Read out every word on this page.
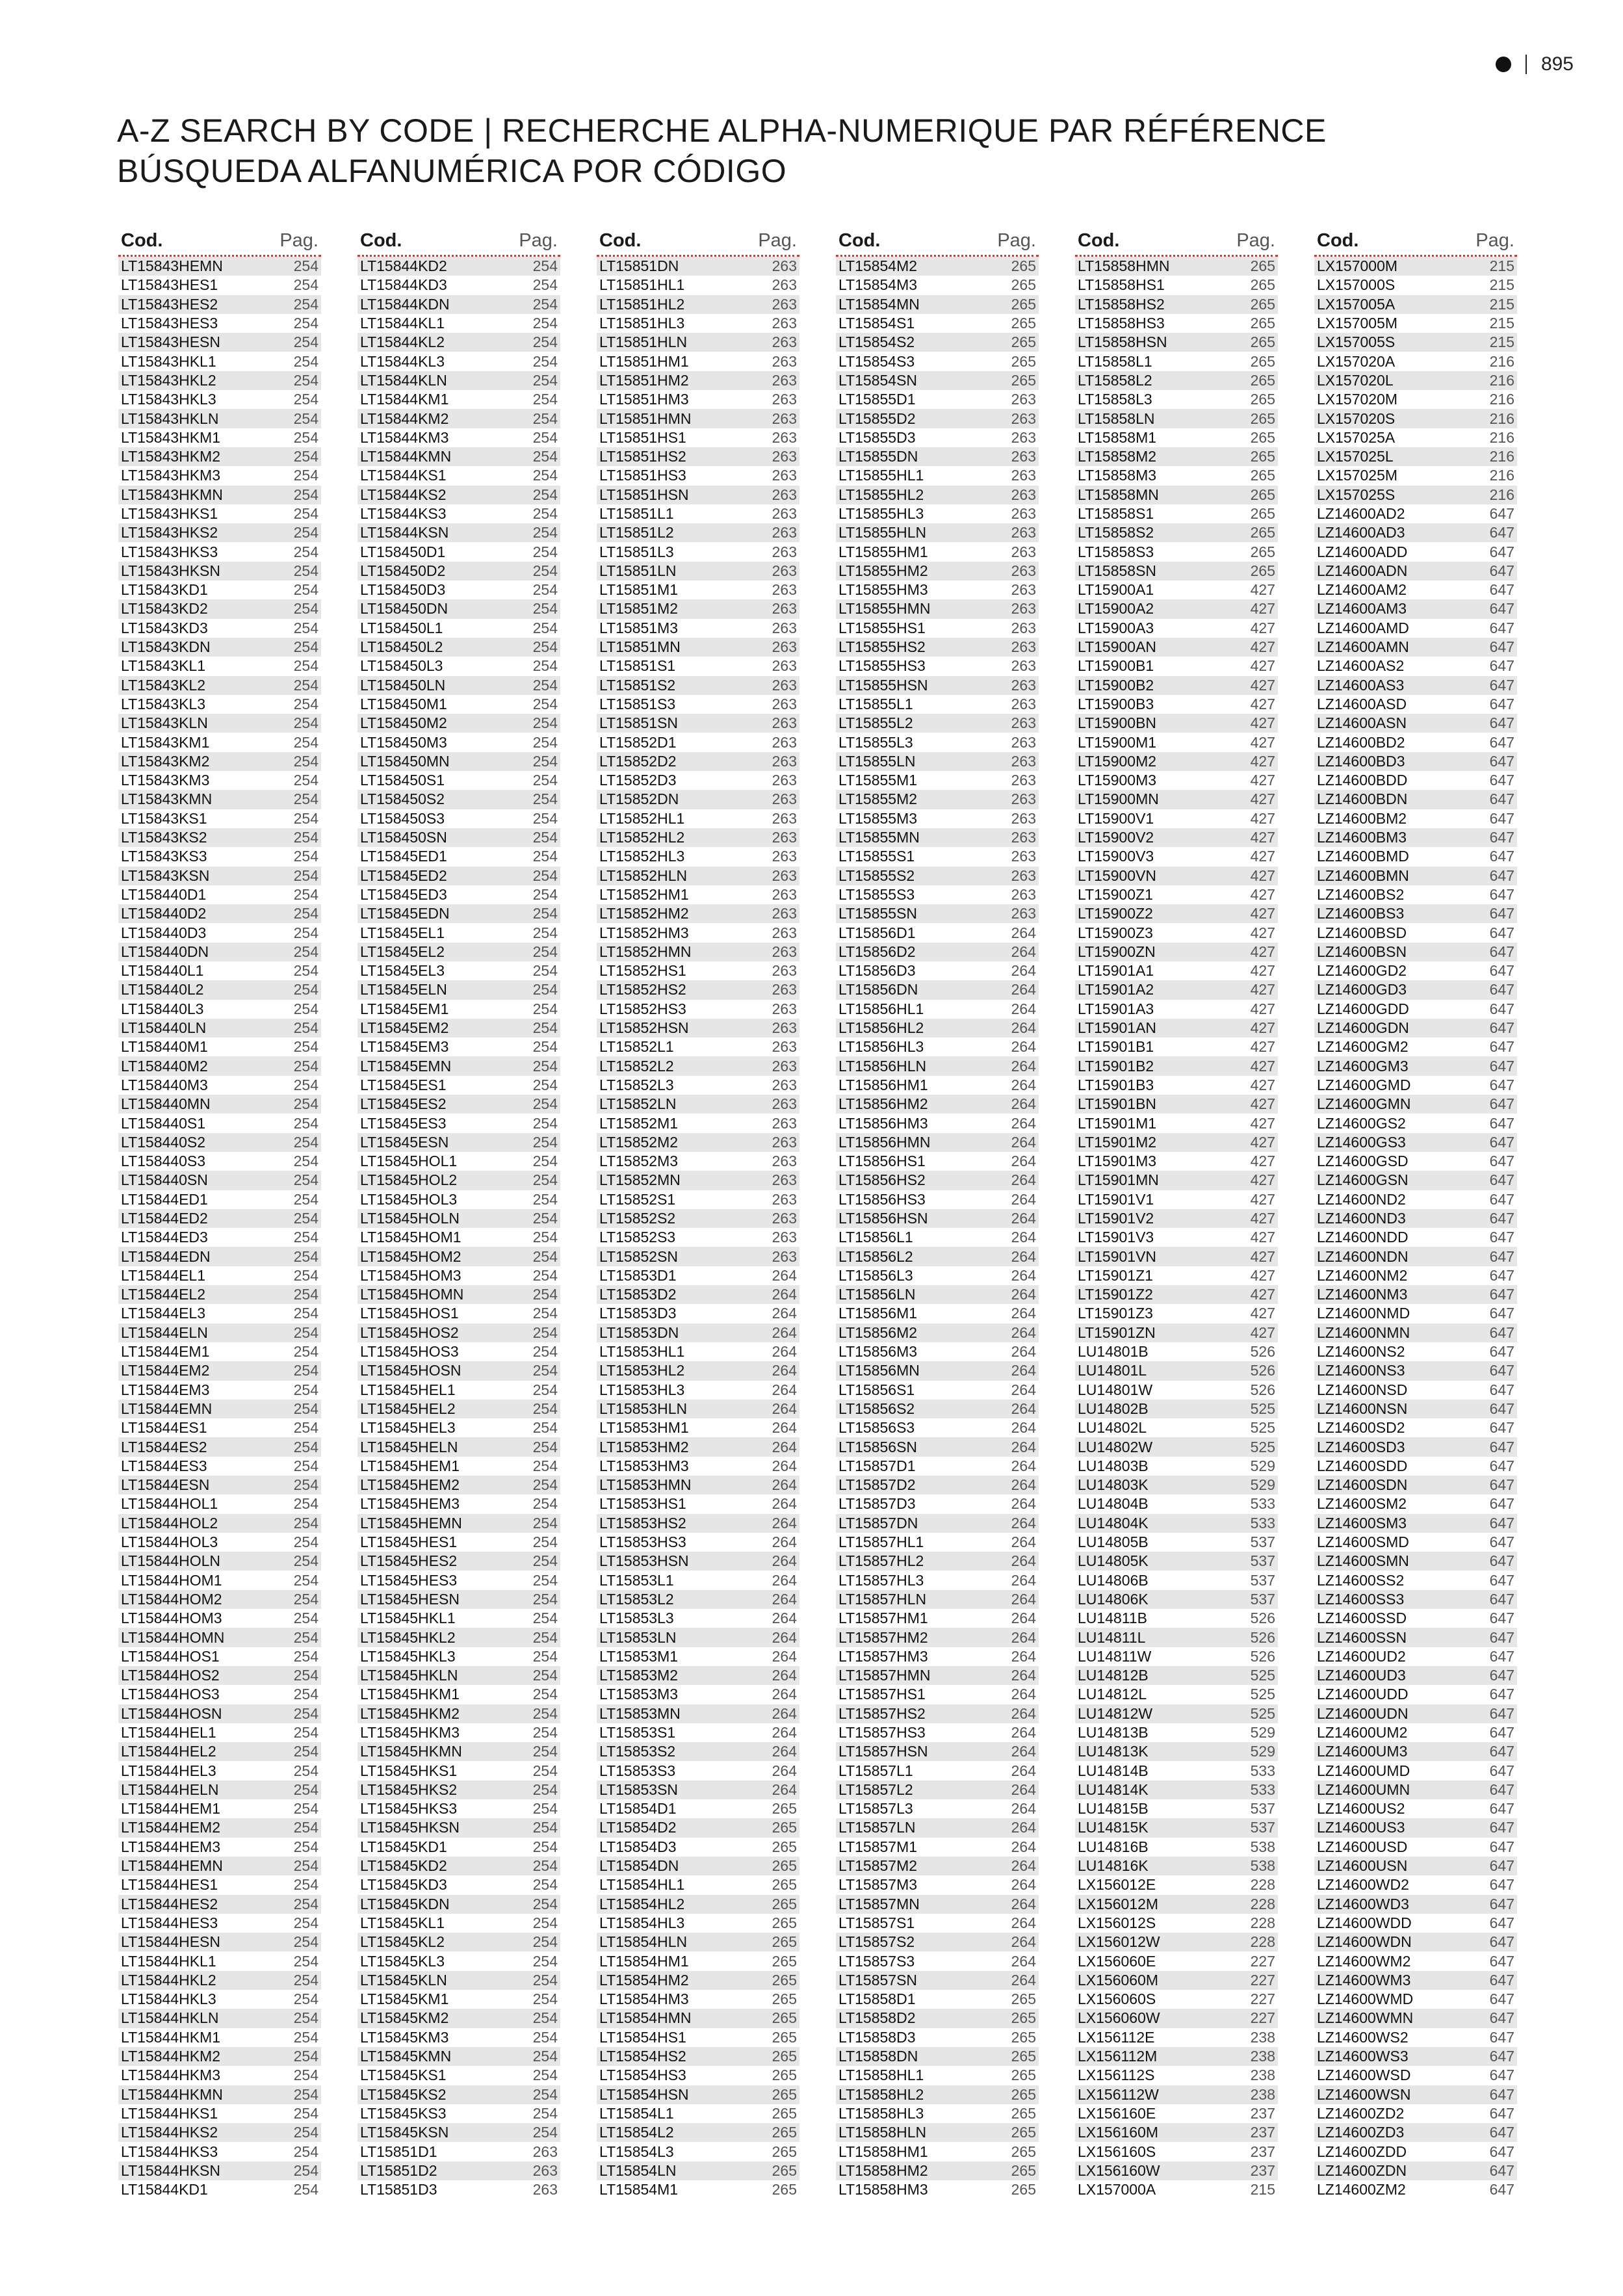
895
A-Z SEARCH BY CODE | RECHERCHE ALPHA-NUMERIQUE PAR RÉFÉRENCE
BÚSQUEDA ALFANUMÉRICA POR CÓDIGO
Cod.	Pag.
LT15843HEMN	254
LT15843HES1	254
LT15843HES2	254
LT15843HES3	254
LT15843HESN	254
LT15843HKL1	254
LT15843HKL2	254
LT15843HKL3	254
LT15843HKLN	254
LT15843HKM1	254
LT15843HKM2	254
LT15843HKM3	254
LT15843HKMN	254
LT15843HKS1	254
LT15843HKS2	254
LT15843HKS3	254
LT15843HKSN	254
LT15843KD1	254
LT15843KD2	254
LT15843KD3	254
LT15843KDN	254
LT15843KL1	254
LT15843KL2	254
LT15843KL3	254
LT15843KLN	254
LT15843KM1	254
LT15843KM2	254
LT15843KM3	254
LT15843KMN	254
LT15843KS1	254
LT15843KS2	254
LT15843KS3	254
LT15843KSN	254
LT158440D1	254
LT158440D2	254
LT158440D3	254
LT158440DN	254
LT158440L1	254
LT158440L2	254
LT158440L3	254
LT158440LN	254
LT158440M1	254
LT158440M2	254
LT158440M3	254
LT158440MN	254
LT158440S1	254
LT158440S2	254
LT158440S3	254
LT158440SN	254
LT15844ED1	254
LT15844ED2	254
LT15844ED3	254
LT15844EDN	254
LT15844EL1	254
LT15844EL2	254
LT15844EL3	254
LT15844ELN	254
LT15844EM1	254
LT15844EM2	254
LT15844EM3	254
LT15844EMN	254
LT15844ES1	254
LT15844ES2	254
LT15844ES3	254
LT15844ESN	254
LT15844HOL1	254
LT15844HOL2	254
LT15844HOL3	254
LT15844HOLN	254
LT15844HOM1	254
LT15844HOM2	254
LT15844HOM3	254
LT15844HOMN	254
LT15844HOS1	254
LT15844HOS2	254
LT15844HOS3	254
LT15844HOSN	254
LT15844HEL1	254
LT15844HEL2	254
LT15844HEL3	254
LT15844HELN	254
LT15844HEM1	254
LT15844HEM2	254
LT15844HEM3	254
LT15844HEMN	254
LT15844HES1	254
LT15844HES2	254
LT15844HES3	254
LT15844HESN	254
LT15844HKL1	254
LT15844HKL2	254
LT15844HKL3	254
LT15844HKLN	254
LT15844HKM1	254
LT15844HKM2	254
LT15844HKM3	254
LT15844HKMN	254
LT15844HKS1	254
LT15844HKS2	254
LT15844HKS3	254
LT15844HKSN	254
LT15844KD1	254
Cod.	Pag.
LT15844KD2	254
LT15844KD3	254
LT15844KDN	254
LT15844KL1	254
LT15844KL2	254
LT15844KL3	254
LT15844KLN	254
LT15844KM1	254
LT15844KM2	254
LT15844KM3	254
LT15844KMN	254
LT15844KS1	254
LT15844KS2	254
LT15844KS3	254
LT15844KSN	254
LT158450D1	254
LT158450D2	254
LT158450D3	254
LT158450DN	254
LT158450L1	254
LT158450L2	254
LT158450L3	254
LT158450LN	254
LT158450M1	254
LT158450M2	254
LT158450M3	254
LT158450MN	254
LT158450S1	254
LT158450S2	254
LT158450S3	254
LT158450SN	254
LT15845ED1	254
LT15845ED2	254
LT15845ED3	254
LT15845EDN	254
LT15845EL1	254
LT15845EL2	254
LT15845EL3	254
LT15845ELN	254
LT15845EM1	254
LT15845EM2	254
LT15845EM3	254
LT15845EMN	254
LT15845ES1	254
LT15845ES2	254
LT15845ES3	254
LT15845ESN	254
LT15845HOL1	254
LT15845HOL2	254
LT15845HOL3	254
LT15845HOLN	254
LT15845HOM1	254
LT15845HOM2	254
LT15845HOM3	254
LT15845HOMN	254
LT15845HOS1	254
LT15845HOS2	254
LT15845HOS3	254
LT15845HOSN	254
LT15845HEL1	254
LT15845HEL2	254
LT15845HEL3	254
LT15845HELN	254
LT15845HEM1	254
LT15845HEM2	254
LT15845HEM3	254
LT15845HEMN	254
LT15845HES1	254
LT15845HES2	254
LT15845HES3	254
LT15845HESN	254
LT15845HKL1	254
LT15845HKL2	254
LT15845HKL3	254
LT15845HKLN	254
LT15845HKM1	254
LT15845HKM2	254
LT15845HKM3	254
LT15845HKMN	254
LT15845HKS1	254
LT15845HKS2	254
LT15845HKS3	254
LT15845HKSN	254
LT15845KD1	254
LT15845KD2	254
LT15845KD3	254
LT15845KDN	254
LT15845KL1	254
LT15845KL2	254
LT15845KL3	254
LT15845KLN	254
LT15845KM1	254
LT15845KM2	254
LT15845KM3	254
LT15845KMN	254
LT15845KS1	254
LT15845KS2	254
LT15845KS3	254
LT15845KSN	254
LT15851D1	263
LT15851D2	263
LT15851D3	263
Cod.	Pag.
LT15851DN	263
LT15851HL1	263
LT15851HL2	263
LT15851HL3	263
LT15851HLN	263
LT15851HM1	263
LT15851HM2	263
LT15851HM3	263
LT15851HMN	263
LT15851HS1	263
LT15851HS2	263
LT15851HS3	263
LT15851HSN	263
LT15851L1	263
LT15851L2	263
LT15851L3	263
LT15851LN	263
LT15851M1	263
LT15851M2	263
LT15851M3	263
LT15851MN	263
LT15851S1	263
LT15851S2	263
LT15851S3	263
LT15851SN	263
LT15852D1	263
LT15852D2	263
LT15852D3	263
LT15852DN	263
LT15852HL1	263
LT15852HL2	263
LT15852HL3	263
LT15852HLN	263
LT15852HM1	263
LT15852HM2	263
LT15852HM3	263
LT15852HMN	263
LT15852HS1	263
LT15852HS2	263
LT15852HS3	263
LT15852HSN	263
LT15852L1	263
LT15852L2	263
LT15852L3	263
LT15852LN	263
LT15852M1	263
LT15852M2	263
LT15852M3	263
LT15852MN	263
LT15852S1	263
LT15852S2	263
LT15852S3	263
LT15852SN	263
LT15853D1	264
LT15853D2	264
LT15853D3	264
LT15853DN	264
LT15853HL1	264
LT15853HL2	264
LT15853HL3	264
LT15853HLN	264
LT15853HM1	264
LT15853HM2	264
LT15853HM3	264
LT15853HMN	264
LT15853HS1	264
LT15853HS2	264
LT15853HS3	264
LT15853HSN	264
LT15853L1	264
LT15853L2	264
LT15853L3	264
LT15853LN	264
LT15853M1	264
LT15853M2	264
LT15853M3	264
LT15853MN	264
LT15853S1	264
LT15853S2	264
LT15853S3	264
LT15853SN	264
LT15854D1	265
LT15854D2	265
LT15854D3	265
LT15854DN	265
LT15854HL1	265
LT15854HL2	265
LT15854HL3	265
LT15854HLN	265
LT15854HM1	265
LT15854HM2	265
LT15854HM3	265
LT15854HMN	265
LT15854HS1	265
LT15854HS2	265
LT15854HS3	265
LT15854HSN	265
LT15854L1	265
LT15854L2	265
LT15854L3	265
LT15854LN	265
LT15854M1	265
Cod.	Pag.
LT15854M2	265
LT15854M3	265
LT15854MN	265
LT15854S1	265
LT15854S2	265
LT15854S3	265
LT15854SN	265
LT15855D1	263
LT15855D2	263
LT15855D3	263
LT15855DN	263
LT15855HL1	263
LT15855HL2	263
LT15855HL3	263
LT15855HLN	263
LT15855HM1	263
LT15855HM2	263
LT15855HM3	263
LT15855HMN	263
LT15855HS1	263
LT15855HS2	263
LT15855HS3	263
LT15855HSN	263
LT15855L1	263
LT15855L2	263
LT15855L3	263
LT15855LN	263
LT15855M1	263
LT15855M2	263
LT15855M3	263
LT15855MN	263
LT15855S1	263
LT15855S2	263
LT15855S3	263
LT15855SN	263
LT15856D1	264
LT15856D2	264
LT15856D3	264
LT15856DN	264
LT15856HL1	264
LT15856HL2	264
LT15856HL3	264
LT15856HLN	264
LT15856HM1	264
LT15856HM2	264
LT15856HM3	264
LT15856HMN	264
LT15856HS1	264
LT15856HS2	264
LT15856HS3	264
LT15856HSN	264
LT15856L1	264
LT15856L2	264
LT15856L3	264
LT15856LN	264
LT15856M1	264
LT15856M2	264
LT15856M3	264
LT15856MN	264
LT15856S1	264
LT15856S2	264
LT15856S3	264
LT15856SN	264
LT15857D1	264
LT15857D2	264
LT15857D3	264
LT15857DN	264
LT15857HL1	264
LT15857HL2	264
LT15857HL3	264
LT15857HLN	264
LT15857HM1	264
LT15857HM2	264
LT15857HM3	264
LT15857HMN	264
LT15857HS1	264
LT15857HS2	264
LT15857HS3	264
LT15857HSN	264
LT15857L1	264
LT15857L2	264
LT15857L3	264
LT15857LN	264
LT15857M1	264
LT15857M2	264
LT15857M3	264
LT15857MN	264
LT15857S1	264
LT15857S2	264
LT15857S3	264
LT15857SN	264
LT15858D1	265
LT15858D2	265
LT15858D3	265
LT15858DN	265
LT15858HL1	265
LT15858HL2	265
LT15858HL3	265
LT15858HLN	265
LT15858HM1	265
LT15858HM2	265
LT15858HM3	265
Cod.	Pag.
LT15858HMN	265
LT15858HS1	265
LT15858HS2	265
LT15858HS3	265
LT15858HSN	265
LT15858L1	265
LT15858L2	265
LT15858L3	265
LT15858LN	265
LT15858M1	265
LT15858M2	265
LT15858M3	265
LT15858MN	265
LT15858S1	265
LT15858S2	265
LT15858S3	265
LT15858SN	265
LT15900A1	427
LT15900A2	427
LT15900A3	427
LT15900AN	427
LT15900B1	427
LT15900B2	427
LT15900B3	427
LT15900BN	427
LT15900M1	427
LT15900M2	427
LT15900M3	427
LT15900MN	427
LT15900V1	427
LT15900V2	427
LT15900V3	427
LT15900VN	427
LT15900Z1	427
LT15900Z2	427
LT15900Z3	427
LT15900ZN	427
LT15901A1	427
LT15901A2	427
LT15901A3	427
LT15901AN	427
LT15901B1	427
LT15901B2	427
LT15901B3	427
LT15901BN	427
LT15901M1	427
LT15901M2	427
LT15901M3	427
LT15901MN	427
LT15901V1	427
LT15901V2	427
LT15901V3	427
LT15901VN	427
LT15901Z1	427
LT15901Z2	427
LT15901Z3	427
LT15901ZN	427
LU14801B	526
LU14801L	526
LU14801W	526
LU14802B	525
LU14802L	525
LU14802W	525
LU14803B	529
LU14803K	529
LU14804B	533
LU14804K	533
LU14805B	537
LU14805K	537
LU14806B	537
LU14806K	537
LU14811B	526
LU14811L	526
LU14811W	526
LU14812B	525
LU14812L	525
LU14812W	525
LU14813B	529
LU14813K	529
LU14814B	533
LU14814K	533
LU14815B	537
LU14815K	537
LU14816B	538
LU14816K	538
LX156012E	228
LX156012M	228
LX156012S	228
LX156012W	228
LX156060E	227
LX156060M	227
LX156060S	227
LX156060W	227
LX156112E	238
LX156112M	238
LX156112S	238
LX156112W	238
LX156160E	237
LX156160M	237
LX156160S	237
LX156160W	237
LX157000A	215
Cod.	Pag.
LX157000M	215
LX157000S	215
LX157005A	215
LX157005M	215
LX157005S	215
LX157020A	216
LX157020L	216
LX157020M	216
LX157020S	216
LX157025A	216
LX157025L	216
LX157025M	216
LX157025S	216
LZ14600AD2	647
LZ14600AD3	647
LZ14600ADD	647
LZ14600ADN	647
LZ14600AM2	647
LZ14600AM3	647
LZ14600AMD	647
LZ14600AMN	647
LZ14600AS2	647
LZ14600AS3	647
LZ14600ASD	647
LZ14600ASN	647
LZ14600BD2	647
LZ14600BD3	647
LZ14600BDD	647
LZ14600BDN	647
LZ14600BM2	647
LZ14600BM3	647
LZ14600BMD	647
LZ14600BMN	647
LZ14600BS2	647
LZ14600BS3	647
LZ14600BSD	647
LZ14600BSN	647
LZ14600GD2	647
LZ14600GD3	647
LZ14600GDD	647
LZ14600GDN	647
LZ14600GM2	647
LZ14600GM3	647
LZ14600GMD	647
LZ14600GMN	647
LZ14600GS2	647
LZ14600GS3	647
LZ14600GSD	647
LZ14600GSN	647
LZ14600ND2	647
LZ14600ND3	647
LZ14600NDD	647
LZ14600NDN	647
LZ14600NM2	647
LZ14600NM3	647
LZ14600NMD	647
LZ14600NMN	647
LZ14600NS2	647
LZ14600NS3	647
LZ14600NSD	647
LZ14600NSN	647
LZ14600SD2	647
LZ14600SD3	647
LZ14600SDD	647
LZ14600SDN	647
LZ14600SM2	647
LZ14600SM3	647
LZ14600SMD	647
LZ14600SMN	647
LZ14600SS2	647
LZ14600SS3	647
LZ14600SSD	647
LZ14600SSN	647
LZ14600UD2	647
LZ14600UD3	647
LZ14600UDD	647
LZ14600UDN	647
LZ14600UM2	647
LZ14600UM3	647
LZ14600UMD	647
LZ14600UMN	647
LZ14600US2	647
LZ14600US3	647
LZ14600USD	647
LZ14600USN	647
LZ14600WD2	647
LZ14600WD3	647
LZ14600WDD	647
LZ14600WDN	647
LZ14600WM2	647
LZ14600WM3	647
LZ14600WMD	647
LZ14600WMN	647
LZ14600WS2	647
LZ14600WS3	647
LZ14600WSD	647
LZ14600WSN	647
LZ14600ZD2	647
LZ14600ZD3	647
LZ14600ZDD	647
LZ14600ZDN	647
LZ14600ZM2	647
